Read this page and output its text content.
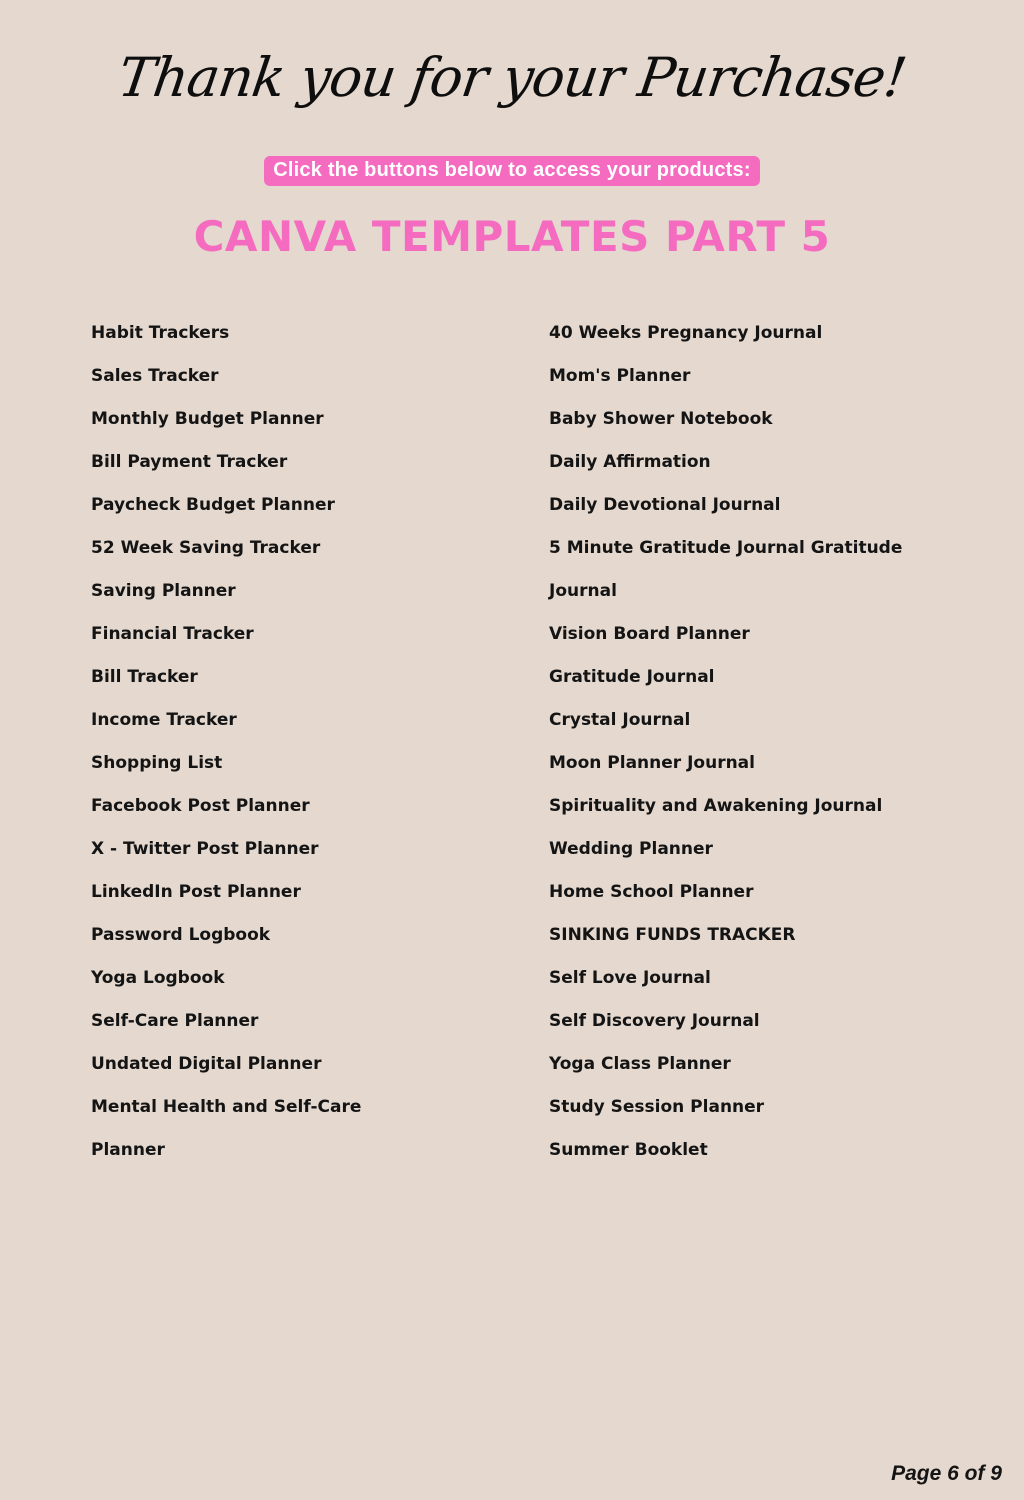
Thank you for your Purchase!
Click the buttons below to access your products:
CANVA TEMPLATES PART 5
Habit Trackers
Sales Tracker
Monthly Budget Planner
Bill Payment Tracker
Paycheck Budget Planner
52 Week Saving Tracker
Saving Planner
Financial Tracker
Bill Tracker
Income Tracker
Shopping List
Facebook Post Planner
X - Twitter Post Planner
LinkedIn Post Planner
Password Logbook
Yoga Logbook
Self-Care Planner
Undated Digital Planner
Mental Health and Self-Care
Planner
40 Weeks Pregnancy Journal
Mom's Planner
Baby Shower Notebook
Daily Affirmation
Daily Devotional Journal
5 Minute Gratitude Journal Gratitude
Journal
Vision Board Planner
Gratitude Journal
Crystal Journal
Moon Planner Journal
Spirituality and Awakening Journal
Wedding Planner
Home School Planner
SINKING FUNDS TRACKER
Self Love Journal
Self Discovery Journal
Yoga Class Planner
Study Session Planner
Summer Booklet
Page 6 of 9
